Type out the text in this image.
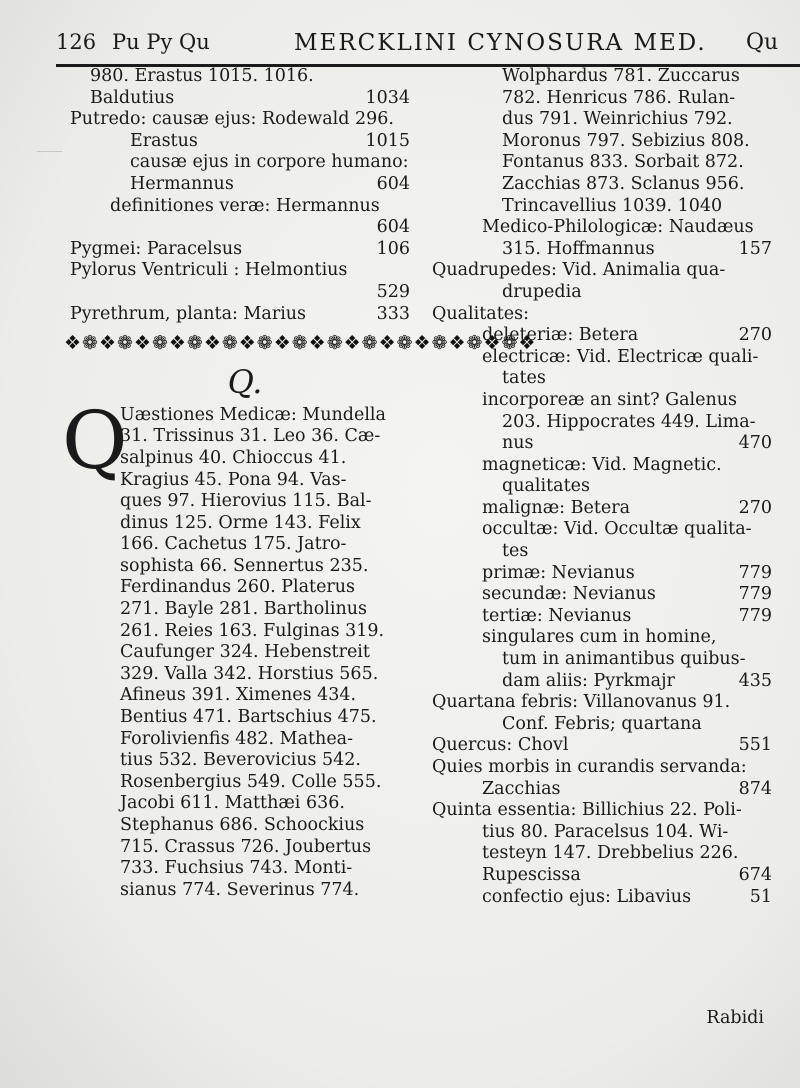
⸺
126 Pu Py Qu	MERCKLINI CYNOSURA MED. Qu
980. Erastus 1015. 1016.
Baldutius	1034
Putredo: causæ ejus: Rodewald 296.
Erastus	1015
causæ ejus in corpore humano:
Hermannus	604
definitiones veræ: Hermannus
604
Pygmei: Paracelsus	106
Pylorus Ventriculi : Helmontius
529
Pyrethrum, planta: Marius	333
❖❁❖❁❖❁❖❁❖❁❖❁❖❁❖❁❖❁❖❁❖❁❖❁❖❁❖
Q.
Q
Uæstiones Medicæ: Mundella
31. Trissinus 31. Leo 36. Cæ-
salpinus 40. Chioccus 41.
Kragius 45. Pona 94. Vas-
ques 97. Hierovius 115. Bal-
dinus 125. Orme 143. Felix
166. Cachetus 175. Jatro-
sophista 66. Sennertus 235.
Ferdinandus 260. Platerus
271. Bayle 281. Bartholinus
261. Reies 163. Fulginas 319.
Caufunger 324. Hebenstreit
329. Valla 342. Horstius 565.
Afineus 391. Ximenes 434.
Bentius 471. Bartschius 475.
Forolivienfis 482. Mathea-
tius 532. Beverovicius 542.
Rosenbergius 549. Colle 555.
Jacobi 611. Matthæi 636.
Stephanus 686. Schoockius
715. Crassus 726. Joubertus
733. Fuchsius 743. Monti-
sianus 774. Severinus 774.
Wolphardus 781. Zuccarus
782. Henricus 786. Rulan-
dus 791. Weinrichius 792.
Moronus 797. Sebizius 808.
Fontanus 833. Sorbait 872.
Zacchias 873. Sclanus 956.
Trincavellius 1039. 1040
Medico-Philologicæ: Naudæus
315. Hoffmannus	157
Quadrupedes: Vid. Animalia qua-
drupedia
Qualitates:
deleteriæ: Betera	270
electricæ: Vid. Electricæ quali-
tates
incorporeæ an sint? Galenus
203. Hippocrates 449. Lima-
nus	470
magneticæ: Vid. Magnetic.
qualitates
malignæ: Betera	270
occultæ: Vid. Occultæ qualita-
tes
primæ: Nevianus	779
secundæ: Nevianus	779
tertiæ: Nevianus	779
singulares cum in homine,
tum in animantibus quibus-
dam aliis: Pyrkmajr	435
Quartana febris: Villanovanus 91.
Conf. Febris; quartana
Quercus: Chovl	551
Quies morbis in curandis servanda:
Zacchias	874
Quinta essentia: Billichius 22. Poli-
tius 80. Paracelsus 104. Wi-
testeyn 147. Drebbelius 226.
Rupescissa	674
confectio ejus: Libavius	51
Rabidi
